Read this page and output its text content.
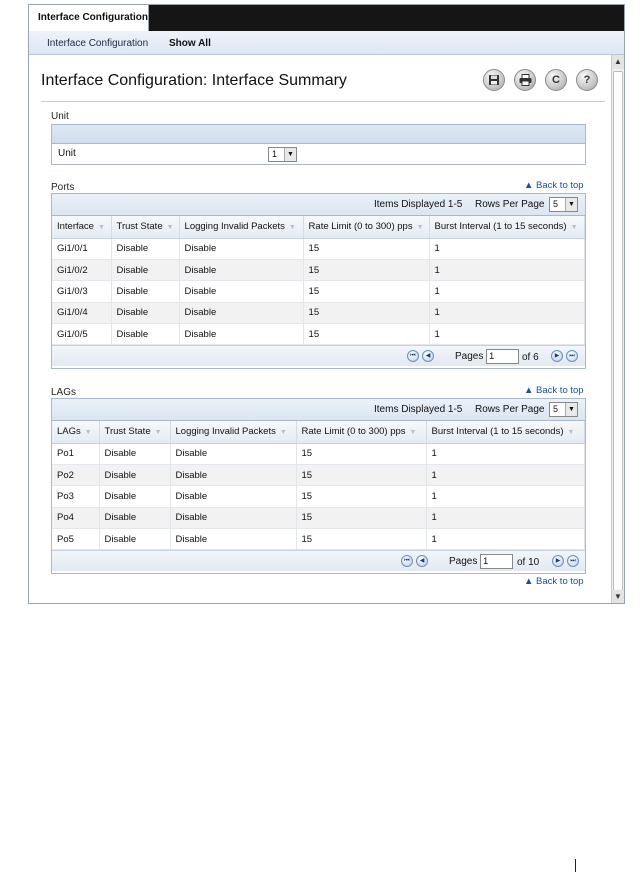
Interface Configuration
Interface Configuration Show All
▲
▼
Interface Configuration: Interface Summary	C	?
Unit
Unit	1	▼
Ports	▲ Back to top
Items Displayed 1-5 Rows Per Page 5	▼
Interface ▼	Trust State ▼	Logging Invalid Packets ▼	Rate Limit (0 to 300) pps ▼	Burst Interval (1 to 15 seconds) ▼
Gi1/0/1	Disable	Disable	15	1
Gi1/0/2	Disable	Disable	15	1
Gi1/0/3	Disable	Disable	15	1
Gi1/0/4	Disable	Disable	15	1
Gi1/0/5	Disable	Disable	15	1
⏮	◀	Pages 1	of 6	▶	⏭
LAGs	▲ Back to top
Items Displayed 1-5 Rows Per Page 5	▼
LAGs ▼	Trust State ▼	Logging Invalid Packets ▼	Rate Limit (0 to 300) pps ▼	Burst Interval (1 to 15 seconds) ▼
Po1	Disable	Disable	15	1
Po2	Disable	Disable	15	1
Po3	Disable	Disable	15	1
Po4	Disable	Disable	15	1
Po5	Disable	Disable	15	1
⏮	◀	Pages 1	of 10	▶	⏭
▲ Back to top
